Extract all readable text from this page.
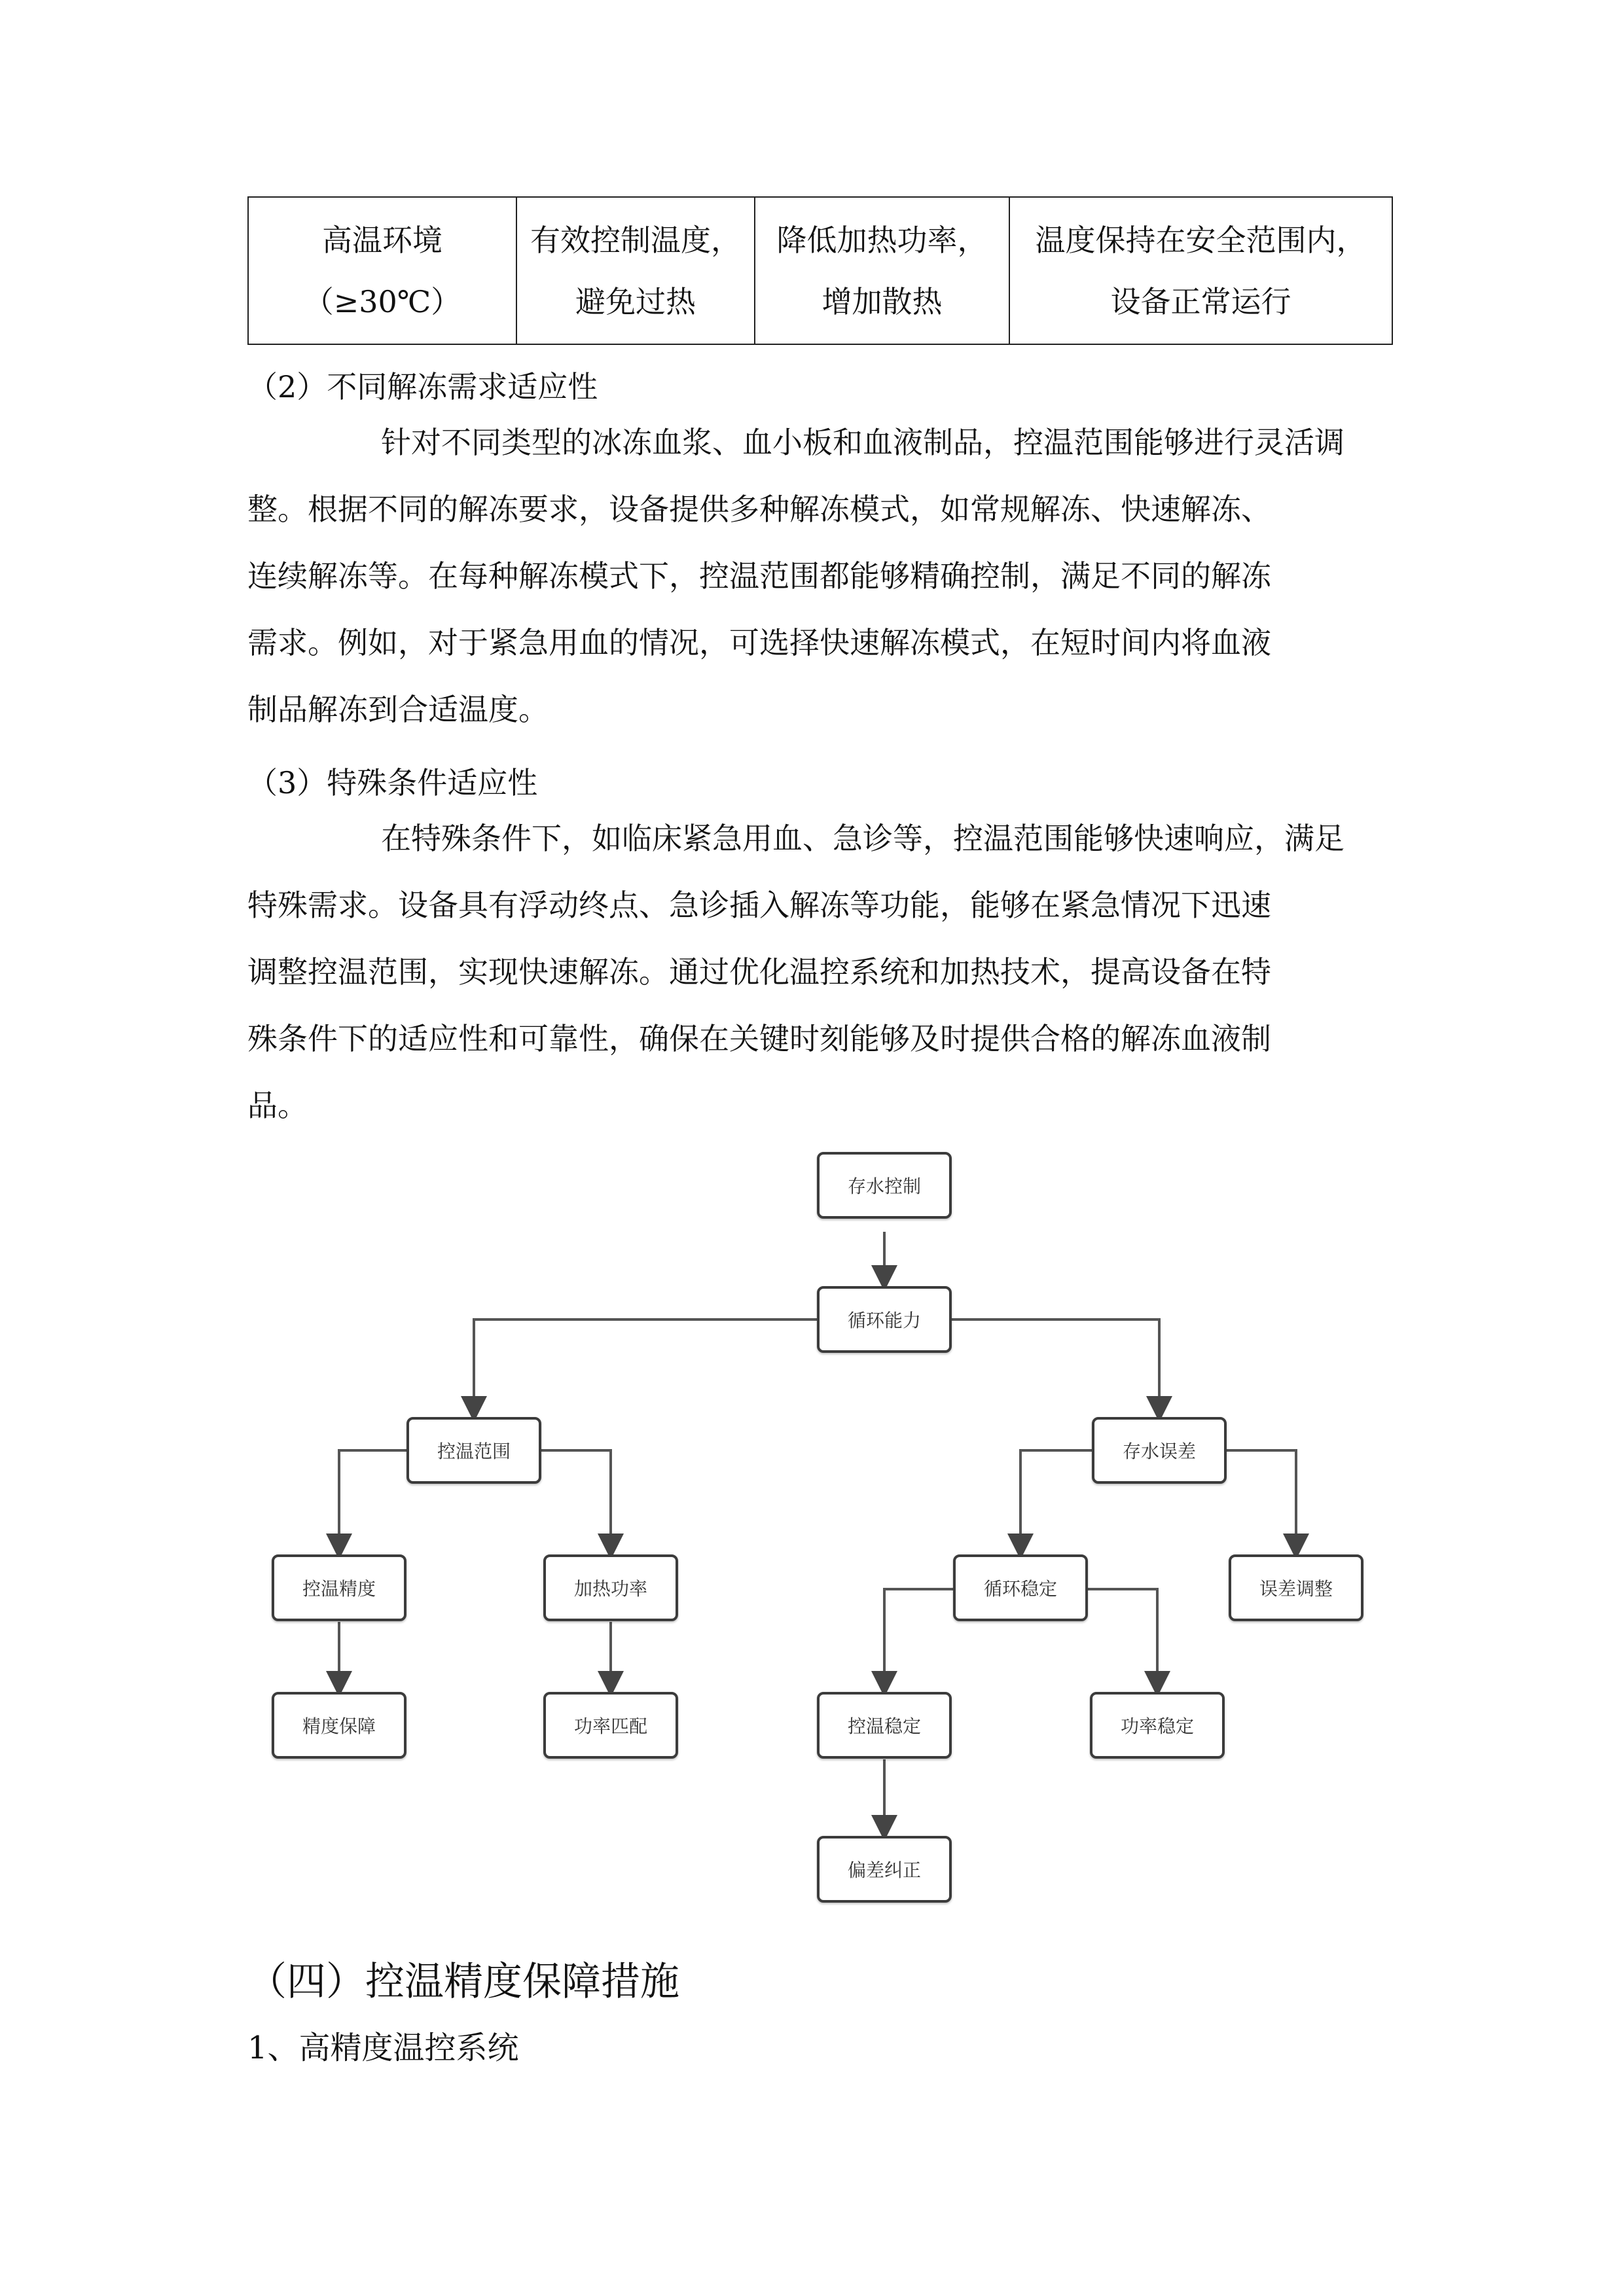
高温环境
（≥30℃）

有效控制温度，
避免过热

降低加热功率，
增加散热

温度保持在安全范围内，
设备正常运行
（2）不同解冻需求适应性
针对不同类型的冰冻血浆、血小板和血液制品，控温范围能够进行灵活调
整。根据不同的解冻要求，设备提供多种解冻模式，如常规解冻、快速解冻、
连续解冻等。在每种解冻模式下，控温范围都能够精确控制，满足不同的解冻
需求。例如，对于紧急用血的情况，可选择快速解冻模式，在短时间内将血液
制品解冻到合适温度。
（3）特殊条件适应性
在特殊条件下，如临床紧急用血、急诊等，控温范围能够快速响应，满足
特殊需求。设备具有浮动终点、急诊插入解冻等功能，能够在紧急情况下迅速
调整控温范围，实现快速解冻。通过优化温控系统和加热技术，提高设备在特
殊条件下的适应性和可靠性，确保在关键时刻能够及时提供合格的解冻血液制
品。
存水控制
循环能力
控温范围	存水误差
控温精度	加热功率	循环稳定	误差调整
精度保障	功率匹配	控温稳定	功率稳定
偏差纠正
（四）控温精度保障措施
1、高精度温控系统
